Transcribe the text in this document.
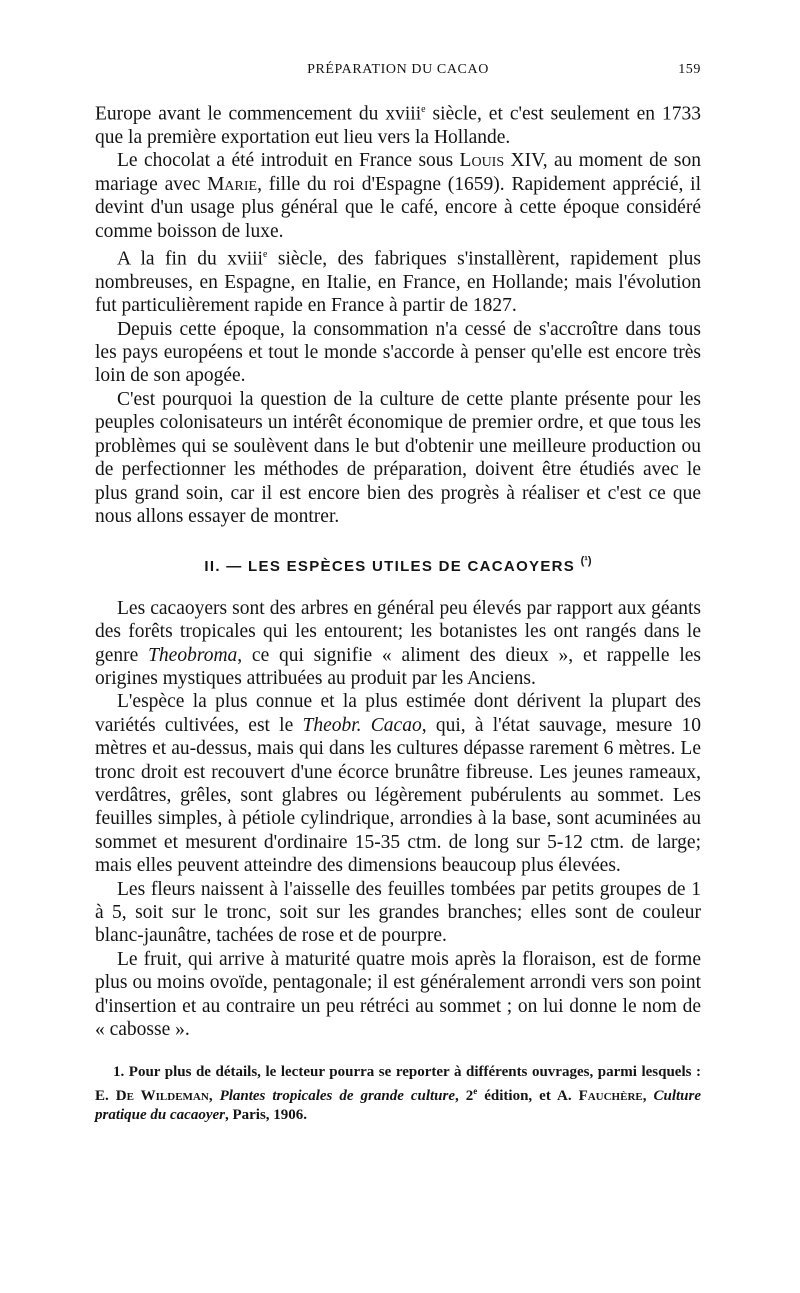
PRÉPARATION DU CACAO	159

Europe avant le commencement du xviii$^e$ siècle, et c'est seulement en 1733 que la première exportation eut lieu vers la Hollande.

Le chocolat a été introduit en France sous Louis XIV, au moment de son mariage avec Marie, fille du roi d'Espagne (1659). Rapidement apprécié, il devint d'un usage plus général que le café, encore à cette époque considéré comme boisson de luxe.

A la fin du xviii$^e$ siècle, des fabriques s'installèrent, rapidement plus nombreuses, en Espagne, en Italie, en France, en Hollande; mais l'évolution fut particulièrement rapide en France à partir de 1827.

Depuis cette époque, la consommation n'a cessé de s'accroître dans tous les pays européens et tout le monde s'accorde à penser qu'elle est encore très loin de son apogée.

C'est pourquoi la question de la culture de cette plante présente pour les peuples colonisateurs un intérêt économique de premier ordre, et que tous les problèmes qui se soulèvent dans le but d'obtenir une meilleure production ou de perfectionner les méthodes de préparation, doivent être étudiés avec le plus grand soin, car il est encore bien des progrès à réaliser et c'est ce que nous allons essayer de montrer.

II. — LES ESPÈCES UTILES DE CACAOYERS $^{(^1)}$

Les cacaoyers sont des arbres en général peu élevés par rapport aux géants des forêts tropicales qui les entourent; les botanistes les ont rangés dans le genre Theobroma, ce qui signifie « aliment des dieux », et rappelle les origines mystiques attribuées au produit par les Anciens.

L'espèce la plus connue et la plus estimée dont dérivent la plupart des variétés cultivées, est le Theobr. Cacao, qui, à l'état sauvage, mesure 10 mètres et au-dessus, mais qui dans les cultures dépasse rarement 6 mètres. Le tronc droit est recouvert d'une écorce brunâtre fibreuse. Les jeunes rameaux, verdâtres, grêles, sont glabres ou légèrement pubérulents au sommet. Les feuilles simples, à pétiole cylindrique, arrondies à la base, sont acuminées au sommet et mesurent d'ordinaire 15-35 ctm. de long sur 5-12 ctm. de large; mais elles peuvent atteindre des dimensions beaucoup plus élevées.

Les fleurs naissent à l'aisselle des feuilles tombées par petits groupes de 1 à 5, soit sur le tronc, soit sur les grandes branches; elles sont de couleur blanc-jaunâtre, tachées de rose et de pourpre.

Le fruit, qui arrive à maturité quatre mois après la floraison, est de forme plus ou moins ovoïde, pentagonale; il est généralement arrondi vers son point d'insertion et au contraire un peu rétréci au sommet ; on lui donne le nom de « cabosse ».

1. Pour plus de détails, le lecteur pourra se reporter à différents ouvrages, parmi lesquels : E. De Wildeman, Plantes tropicales de grande culture, 2e édition, et A. Fauchère, Culture pratique du cacaoyer, Paris, 1906.
